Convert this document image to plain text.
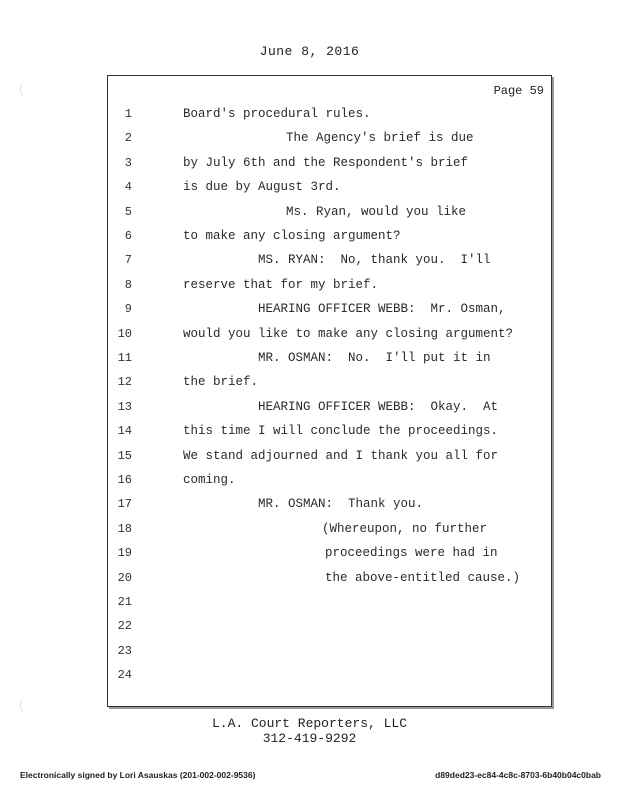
June 8, 2016
Page 59
1	Board's procedural rules.
2	The Agency's brief is due
3	by July 6th and the Respondent's brief
4	is due by August 3rd.
5	Ms. Ryan, would you like
6	to make any closing argument?
7	MS. RYAN:  No, thank you.  I'll
8	reserve that for my brief.
9	HEARING OFFICER WEBB:  Mr. Osman,
10	would you like to make any closing argument?
11	MR. OSMAN:  No.  I'll put it in
12	the brief.
13	HEARING OFFICER WEBB:  Okay.  At
14	this time I will conclude the proceedings.
15	We stand adjourned and I thank you all for
16	coming.
17	MR. OSMAN:  Thank you.
18	(Whereupon, no further
19	proceedings were had in
20	the above-entitled cause.)
21
22
23
24
L.A. Court Reporters, LLC
312-419-9292
Electronically signed by Lori Asauskas (201-002-002-9536)	d89ded23-ec84-4c8c-8703-6b40b04c0bab
